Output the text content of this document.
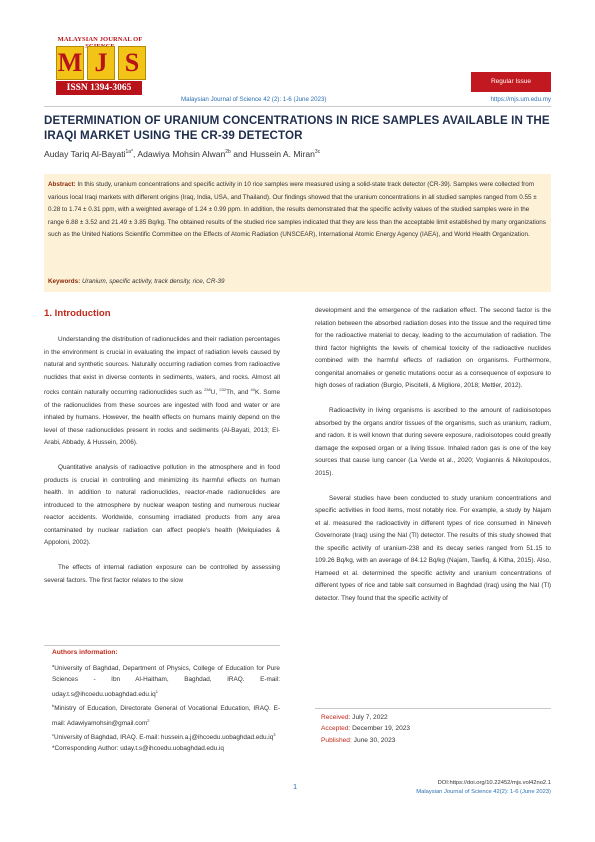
MALAYSIAN JOURNAL OF
M J S
ISSN 1394-3065
Regular Issue
Malaysian Journal of Science 42 (2): 1-6 (June 2023)	https://mjs.um.edu.my
DETERMINATION OF URANIUM CONCENTRATIONS IN RICE SAMPLES AVAILABLE IN THE IRAQI MARKET USING THE CR-39 DETECTOR
Auday Tariq Al-Bayati$^{1a*}$, Adawiya Mohsin Alwan$^{2b}$ and Hussein A. Miran$^{3c}$
Abstract: In this study, uranium concentrations and specific activity in 10 rice samples were measured using a solid-state track detector (CR-39). Samples were collected from various local Iraqi markets with different origins (Iraq, India, USA, and Thailand). Our findings showed that the uranium concentrations in all studied samples ranged from 0.55 ± 0.28 to 1.74 ± 0.31 ppm, with a weighted average of 1.24 ± 0.99 ppm. In addition, the results demonstrated that the specific activity values of the studied samples were in the range 6.88 ± 3.52 and 21.49 ± 3.85 Bq/kg. The obtained results of the studied rice samples indicated that they are less than the acceptable limit established by many organizations such as the United Nations Scientific Committee on the Effects of Atomic Radiation (UNSCEAR), International Atomic Energy Agency (IAEA), and World Health Organization.
Keywords: Uranium, specific activity, track density, rice, CR-39
1. Introduction

Understanding the distribution of radionuclides and their radiation percentages in the environment is crucial in evaluating the impact of radiation levels caused by natural and synthetic sources. Naturally occurring radiation comes from radioactive nuclides that exist in diverse contents in sediments, waters, and rocks. Almost all rocks contain naturally occurring radionuclides such as $^{238}$U, $^{232}$Th, and $^{40}$K. Some of the radionuclides from these sources are ingested with food and water or are inhaled by humans. However, the health effects on humans mainly depend on the level of these radionuclides present in rocks and sediments (Al-Bayati, 2013; El-Arabi, Abbady, & Hussein, 2006).

Quantitative analysis of radioactive pollution in the atmosphere and in food products is crucial in controlling and minimizing its harmful effects on human health. In addition to natural radionuclides, reactor-made radionuclides are introduced to the atmosphere by nuclear weapon testing and numerous nuclear reactor accidents. Worldwide, consuming irradiated products from any area contaminated by nuclear radiation can affect people's health (Melquiades & Appoloni, 2002).

The effects of internal radiation exposure can be controlled by assessing several factors. The first factor relates to the slow

development and the emergence of the radiation effect. The second factor is the relation between the absorbed radiation doses into the tissue and the required time for the radioactive material to decay, leading to the accumulation of radiation. The third factor highlights the levels of chemical toxicity of the radioactive nuclides combined with the harmful effects of radiation on organisms. Furthermore, congenital anomalies or genetic mutations occur as a consequence of exposure to high doses of radiation (Burgio, Piscitelli, & Migliore, 2018; Mettler, 2012).

Radioactivity in living organisms is ascribed to the amount of radioisotopes absorbed by the organs and/or tissues of the organisms, such as uranium, radium, and radon. It is well known that during severe exposure, radioisotopes could greatly damage the exposed organ or a living tissue. Inhaled radon gas is one of the key sources that cause lung cancer (La Verde et al., 2020; Vogiannis & Nikolopoulos, 2015).

Several studies have been conducted to study uranium concentrations and specific activities in food items, most notably rice. For example, a study by Najam et al. measured the radioactivity in different types of rice consumed in Nineveh Governorate (Iraq) using the NaI (Tl) detector. The results of this study showed that the specific activity of uranium-238 and its decay series ranged from 51.15 to 109.26 Bq/kg, with an average of 84.12 Bq/kg (Najam, Tawfiq, & Kitha, 2015). Also, Hameed et al. determined the specific activity and uranium concentrations of different types of rice and table salt consumed in Baghdad (Iraq) using the NaI (Tl) detector. They found that the specific activity of

Authors information:
$^a$University of Baghdad, Department of Physics, College of Education for Pure Sciences - Ibn Al-Haitham, Baghdad, IRAQ. E-mail: $uday.t.s@ihcoedu.uobaghdad.edu.iq^1$
$^b$Ministry of Education, Directorate General of Vocational Education, IRAQ. E-mail: Adawiyamohsin@gmail.com$^2$
$^c$University of Baghdad, IRAQ. E-mail: $hussein.a.j@ihcoedu.uobaghdad.edu.iq^3$
*Corresponding Author: uday.t.s@ihcoedu.uobaghdad.edu.iq
Received: July 7, 2022
Accepted: December 19, 2023
Published: June 30, 2023
1	DOI:https://doi.org/10.22452/mjs.vol42no2.1
Malaysian Journal of Science 42(2): 1-6 (June 2023)
